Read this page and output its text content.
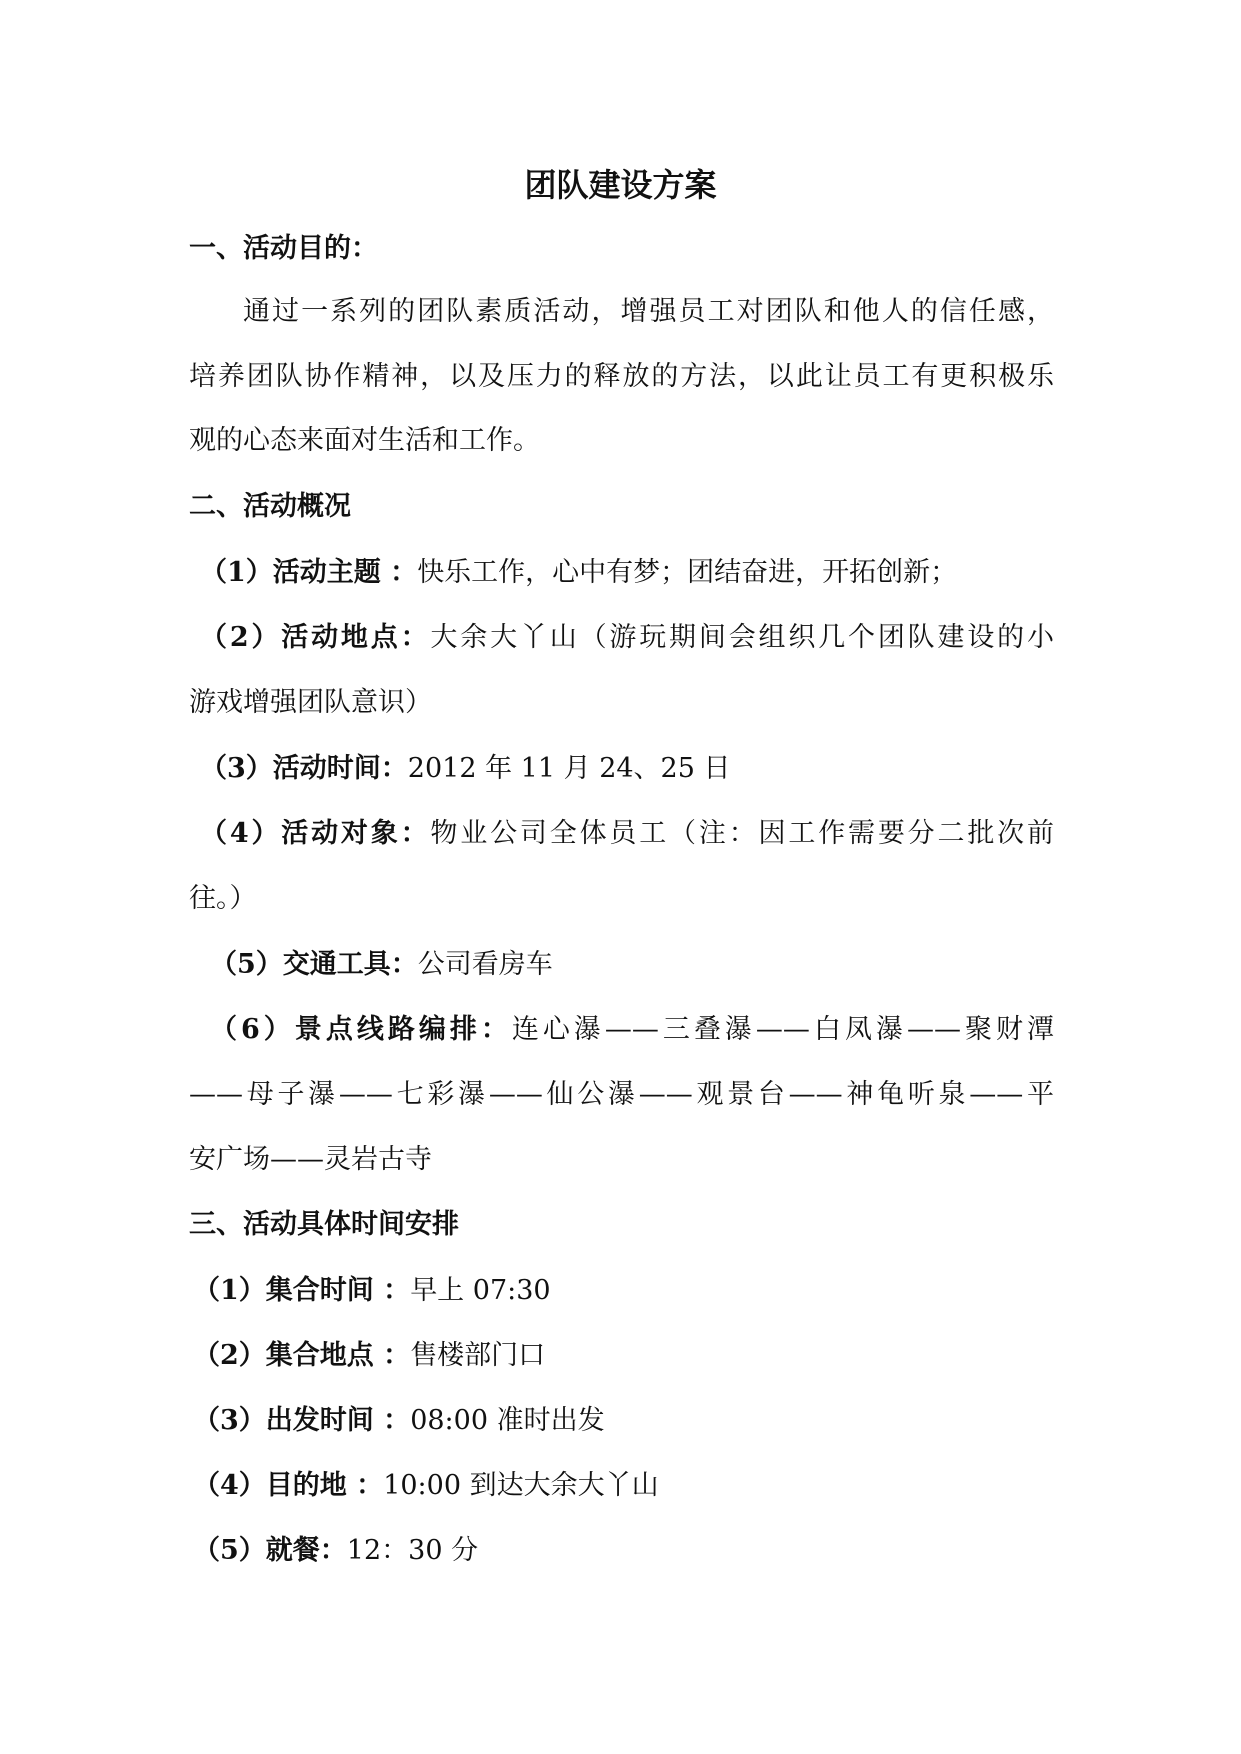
团队建设方案

一、活动目的：

通过一系列的团队素质活动，增强员工对团队和他人的信任感，

培养团队协作精神，以及压力的释放的方法，以此让员工有更积极乐

观的心态来面对生活和工作。

二、活动概况

（1）活动主题 ：快乐工作，心中有梦；团结奋进，开拓创新；

（2）活动地点：大余大丫山（游玩期间会组织几个团队建设的小

游戏增强团队意识）

（3）活动时间：2012 年 11 月 24、25 日

（4）活动对象：物业公司全体员工（注：因工作需要分二批次前

往。）

（5）交通工具：公司看房车

（6）景点线路编排：连心瀑——三叠瀑——白凤瀑——聚财潭

——母子瀑——七彩瀑——仙公瀑——观景台——神龟听泉——平

安广场——灵岩古寺

三、活动具体时间安排

（1）集合时间 ：早上 07:30

（2）集合地点 ：售楼部门口

（3）出发时间 ：08:00 准时出发

（4）目的地 ：10:00 到达大余大丫山

（5）就餐：12：30 分
